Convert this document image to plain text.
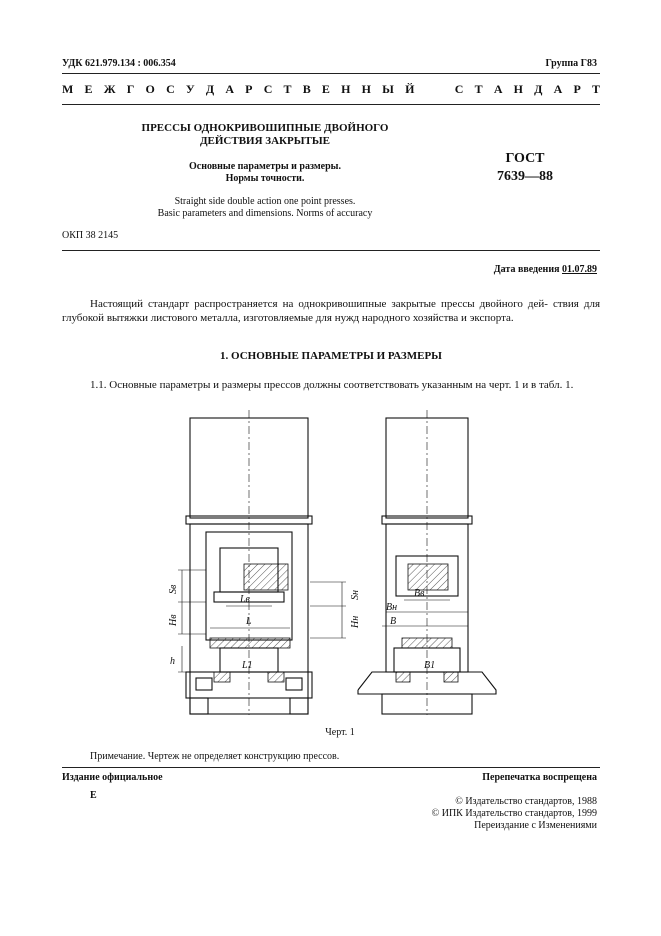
УДК 621.979.134 : 006.354	Группа Г83
М Е Ж Г О С У Д А Р С Т В Е Н Н Ы Й	С Т А Н Д А Р Т
ПРЕССЫ ОДНОКРИВОШИПНЫЕ ДВОЙНОГО
ДЕЙСТВИЯ ЗАКРЫТЫЕ
Основные параметры и размеры.
Нормы точности.
ГОСТ
7639—88
Straight side double action one point presses.
Basic parameters and dimensions. Norms of accuracy
ОКП 38 2145
Дата введения 01.07.89
Настоящий стандарт распространяется на однокривошипные закрытые прессы двойного дей- ствия для глубокой вытяжки листового металла, изготовляемые для нужд народного хозяйства и экспорта.
1. ОСНОВНЫЕ ПАРАМЕТРЫ И РАЗМЕРЫ
1.1. Основные параметры и размеры прессов должны соответствовать указанным на черт. 1 и в табл. 1.
Sв
Hв
h
Lв
L
L1
Sн
Hн
Bн
Bв
B
B1
Черт. 1
Примечание. Чертеж не определяет конструкцию прессов.
Издание официальное	Перепечатка воспрещена
Е
© Издательство стандартов, 1988
© ИПК Издательство стандартов, 1999
Переиздание с Изменениями
